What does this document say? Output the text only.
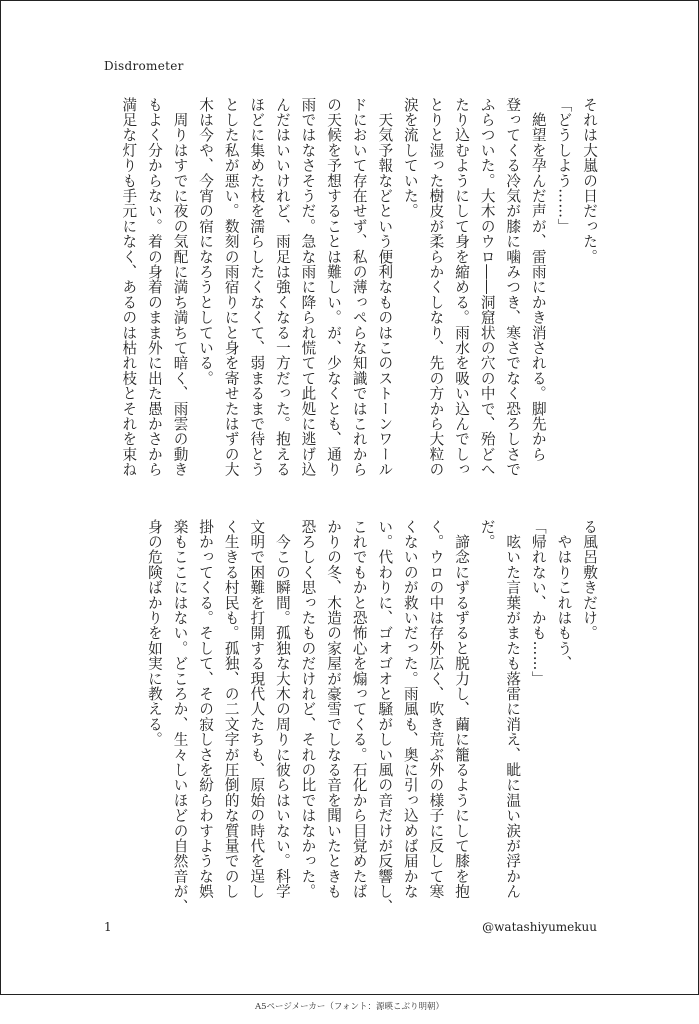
Disdrometer
それは大嵐の日だった。
「どうしよう……」
　絶望を孕んだ声が、雷雨にかき消される。脚先から
登ってくる冷気が膝に噛みつき、寒さでなく恐ろしさで
ふらついた。大木のウロ――洞窟状の穴の中で、殆どへ
たり込むようにして身を縮める。雨水を吸い込んでしっ
とりと湿った樹皮が柔らかくしなり、先の方から大粒の
涙を流していた。
　天気予報などという便利なものはこのストーンワール
ドにおいて存在せず、私の薄っぺらな知識ではこれから
の天候を予想することは難しい。が、少なくとも、通り
雨ではなさそうだ。急な雨に降られ慌てて此処に逃げ込
んだはいいけれど、雨足は強くなる一方だった。抱える
ほどに集めた枝を濡らしたくなくて、弱まるまで待とう
とした私が悪い。数刻の雨宿りにと身を寄せたはずの大
木は今や、今宵の宿になろうとしている。
　周りはすでに夜の気配に満ち満ちて暗く、雨雲の動き
もよく分からない。着の身着のまま外に出た愚かさから
満足な灯りも手元になく、あるのは枯れ枝とそれを束ね
る風呂敷きだけ。
　やはりこれはもう、
「帰れない、かも……」
　呟いた言葉がまたも落雷に消え、眦に温い涙が浮かん
だ。
　諦念にずるずると脱力し、繭に籠るようにして膝を抱
く。ウロの中は存外広く、吹き荒ぶ外の様子に反して寒
くないのが救いだった。雨風も、奥に引っ込めば届かな
い。代わりに、ゴオゴオと騒がしい風の音だけが反響し、
これでもかと恐怖心を煽ってくる。石化から目覚めたば
かりの冬、木造の家屋が豪雪でしなる音を聞いたときも
恐ろしく思ったものだけれど、それの比ではなかった。
　今この瞬間。孤独な大木の周りに彼らはいない。科学
文明で困難を打開する現代人たちも、原始の時代を逞し
く生きる村民も。孤独、の二文字が圧倒的な質量でのし
掛かってくる。そして、その寂しさを紛らわすような娯
楽もここにはない。どころか、生々しいほどの自然音が、
身の危険ばかりを如実に教える。
1	@watashiyumekuu
A5ページメーカー（フォント：源暎こぶり明朝）
